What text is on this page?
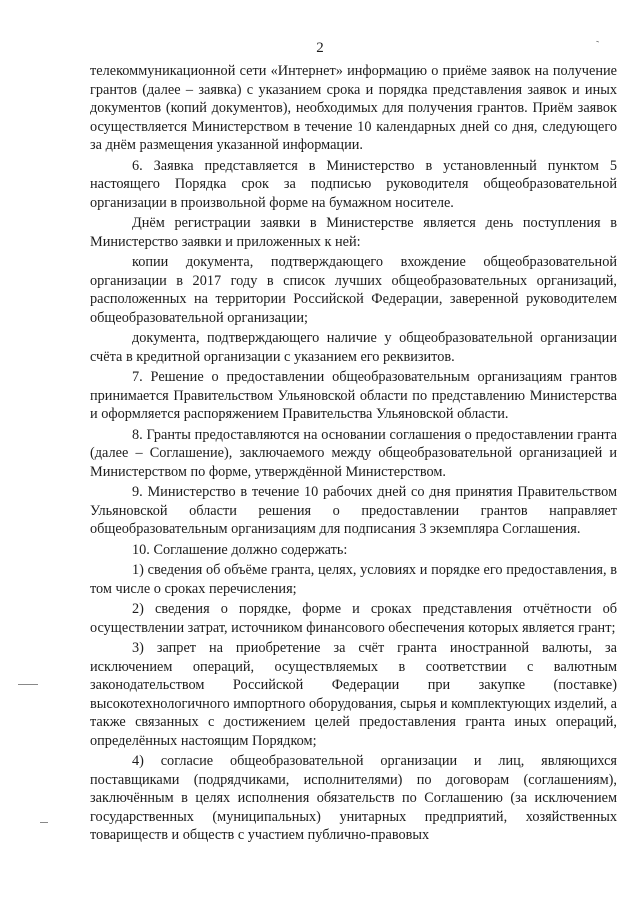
2	-

телекоммуникационной сети «Интернет» информацию о приёме заявок на получение грантов (далее – заявка) с указанием срока и порядка представления заявок и иных документов (копий документов), необходимых для получения грантов. Приём заявок осуществляется Министерством в течение 10 календарных дней со дня, следующего за днём размещения указанной информации.

6. Заявка представляется в Министерство в установленный пунктом 5 настоящего Порядка срок за подписью руководителя общеобразовательной организации в произвольной форме на бумажном носителе.

Днём регистрации заявки в Министерстве является день поступления в Министерство заявки и приложенных к ней:

копии документа, подтверждающего вхождение общеобразовательной организации в 2017 году в список лучших общеобразовательных организаций, расположенных на территории Российской Федерации, заверенной руководителем общеобразовательной организации;

документа, подтверждающего наличие у общеобразовательной организации счёта в кредитной организации с указанием его реквизитов.

7. Решение о предоставлении общеобразовательным организациям грантов принимается Правительством Ульяновской области по представлению Министерства и оформляется распоряжением Правительства Ульяновской области.

8. Гранты предоставляются на основании соглашения о предоставлении гранта (далее – Соглашение), заключаемого между общеобразовательной организацией и Министерством по форме, утверждённой Министерством.

9. Министерство в течение 10 рабочих дней со дня принятия Правительством Ульяновской области решения о предоставлении грантов направляет общеобразовательным организациям для подписания 3 экземпляра Соглашения.

10. Соглашение должно содержать:

1) сведения об объёме гранта, целях, условиях и порядке его предоставления, в том числе о сроках перечисления;

2) сведения о порядке, форме и сроках представления отчётности об осуществлении затрат, источником финансового обеспечения которых является грант;

3) запрет на приобретение за счёт гранта иностранной валюты, за исключением операций, осуществляемых в соответствии с валютным законодательством Российской Федерации при закупке (поставке) высокотехнологичного импортного оборудования, сырья и комплектующих изделий, а также связанных с достижением целей предоставления гранта иных операций, определённых настоящим Порядком;

4) согласие общеобразовательной организации и лиц, являющихся поставщиками (подрядчиками, исполнителями) по договорам (соглашениям), заключённым в целях исполнения обязательств по Соглашению (за исключением государственных (муниципальных) унитарных предприятий, хозяйственных товариществ и обществ с участием публично-правовых
